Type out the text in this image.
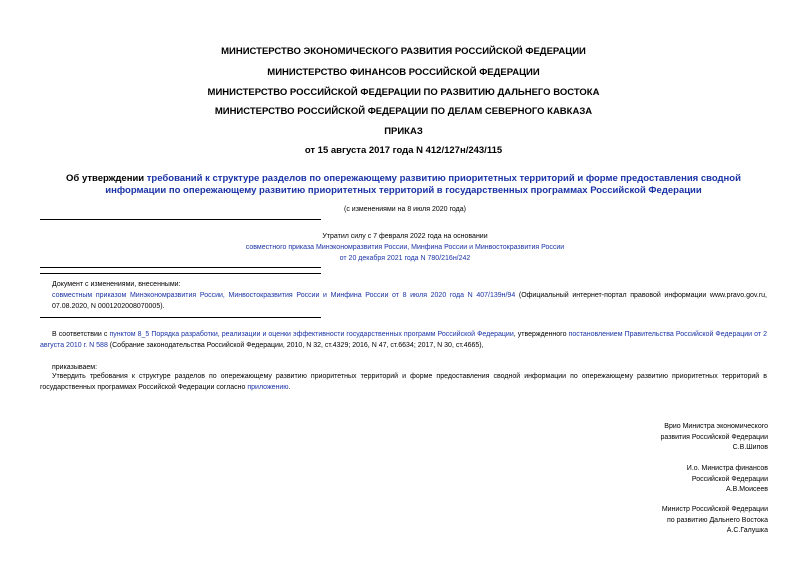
МИНИСТЕРСТВО ЭКОНОМИЧЕСКОГО РАЗВИТИЯ РОССИЙСКОЙ ФЕДЕРАЦИИ
МИНИСТЕРСТВО ФИНАНСОВ РОССИЙСКОЙ ФЕДЕРАЦИИ
МИНИСТЕРСТВО РОССИЙСКОЙ ФЕДЕРАЦИИ ПО РАЗВИТИЮ ДАЛЬНЕГО ВОСТОКА
МИНИСТЕРСТВО РОССИЙСКОЙ ФЕДЕРАЦИИ ПО ДЕЛАМ СЕВЕРНОГО КАВКАЗА
ПРИКАЗ
от 15 августа 2017 года N 412/127н/243/115
Об утверждении требований к структуре разделов по опережающему развитию приоритетных территорий и форме предоставления сводной информации по опережающему развитию приоритетных территорий в государственных программах Российской Федерации
(с изменениями на 8 июля 2020 года)
Утратил силу с 7 февраля 2022 года на основании
совместного приказа Минэкономразвития России, Минфина России и Минвостокразвития России
от 20 декабря 2021 года N 780/216н/242
Документ с изменениями, внесенными:
совместным приказом Минэкономразвития России, Минвостокразвития России и Минфина России от 8 июля 2020 года N 407/139н/94 (Официальный интернет-портал правовой информации www.pravo.gov.ru, 07.08.2020, N 0001202008070005).
В соответствии с пунктом 8_5 Порядка разработки, реализации и оценки эффективности государственных программ Российской Федерации, утвержденного постановлением Правительства Российской Федерации от 2 августа 2010 г. N 588 (Собрание законодательства Российской Федерации, 2010, N 32, ст.4329; 2016, N 47, ст.6634; 2017, N 30, ст.4665),
приказываем:
Утвердить требования к структуре разделов по опережающему развитию приоритетных территорий и форме предоставления сводной информации по опережающему развитию приоритетных территорий в государственных программах Российской Федерации согласно приложению.
Врио Министра экономического
развития Российской Федерации
С.В.Шипов
И.о. Министра финансов
Российской Федерации
А.В.Моисеев
Министр Российской Федерации
по развитию Дальнего Востока
А.С.Галушка
